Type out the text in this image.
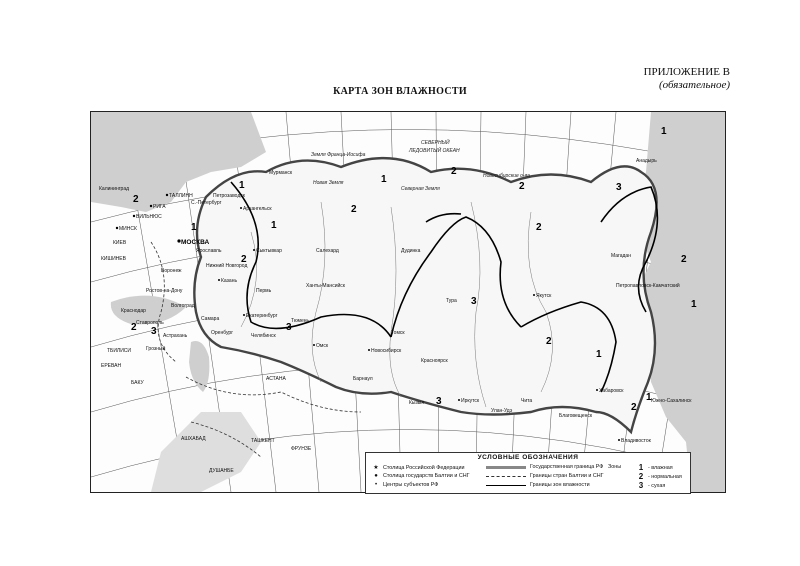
ПРИЛОЖЕНИЕ В
(обязательное)
КАРТА ЗОН ВЛАЖНОСТИ
СЕВЕРНЫЙ
ЛЕДОВИТЫЙ ОКЕАН
Земля Франца-Иосифа
Новая Земля
Северная Земля
Новосибирские о-ва
МОСКВА
ТАЛЛИНН
РИГА
ВИЛЬНЮС
МИНСК
КИЕВ
КИШИНЕВ
ТБИЛИСИ
ЕРЕВАН
БАКУ
АШХАБАД	ТАШКЕНТ
ДУШАНБЕ
ФРУНЗЕ
АСТАНА
Калининград
Мурманск
Архангельск
Сыктывкар
Казань
Самара
Пермь
Екатеринбург
Челябинск
Оренбург
Тюмень
Омск
Новосибирск
Барнаул
Томск
Красноярск
Кызыл	Иркутск
Улан-Удэ
Чита
Якутск
Магадан
Петропавловск-Камчатский
Хабаровск
Благовещенск
Владивосток
Южно-Сахалинск
Анадырь
Дудинка
Салехард
Ханты-Мансийск
Тура
Ставрополь
Краснодар
Ростов-на-Дону
Волгоград
Астрахань
Грозный
Нижний Новгород
Ярославль
Воронеж
Петрозаводск
С.-Петербург
1
2
1
2
1
2
1
2
2
2
3
1
2
3
2
1
3
3
2
3
2
1
1
УСЛОВНЫЕ ОБОЗНАЧЕНИЯ
★ Столица Российской Федерации
● Столица государств Балтии и СНГ
•	Центры субъектов РФ
Государственная граница РФ
Границы стран Балтии и СНГ
Границы зон влажности
Зоны	1 - влажная
2 - нормальная
3 - сухая
